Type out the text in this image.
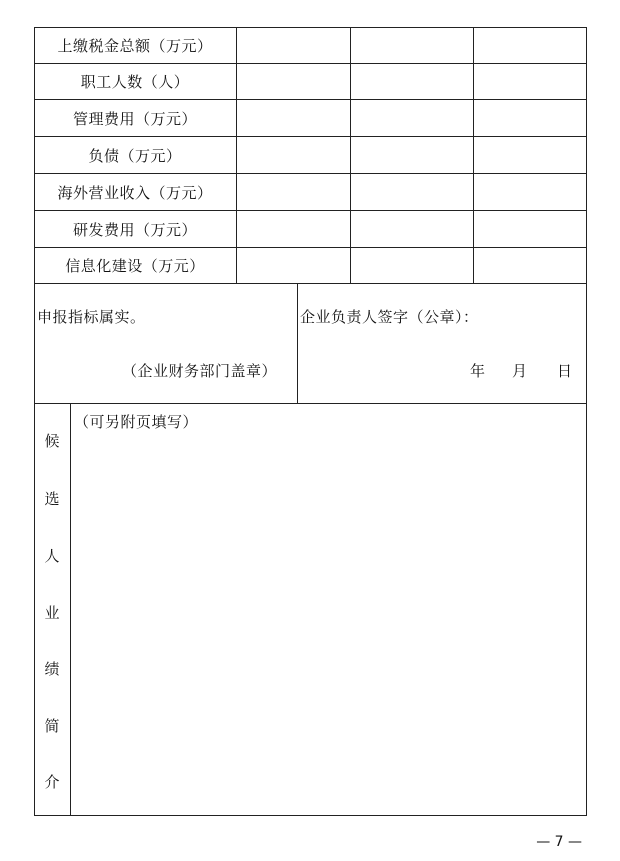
上缴税金总额（万元）
职工人数（人）
管理费用（万元）
负债（万元）
海外营业收入（万元）
研发费用（万元）
信息化建设（万元）
申报指标属实。
（企业财务部门盖章）
企业负责人签字（公章）：
年 月 日
候
选
人
业
绩
简
介
（可另附页填写）
— 7 —
